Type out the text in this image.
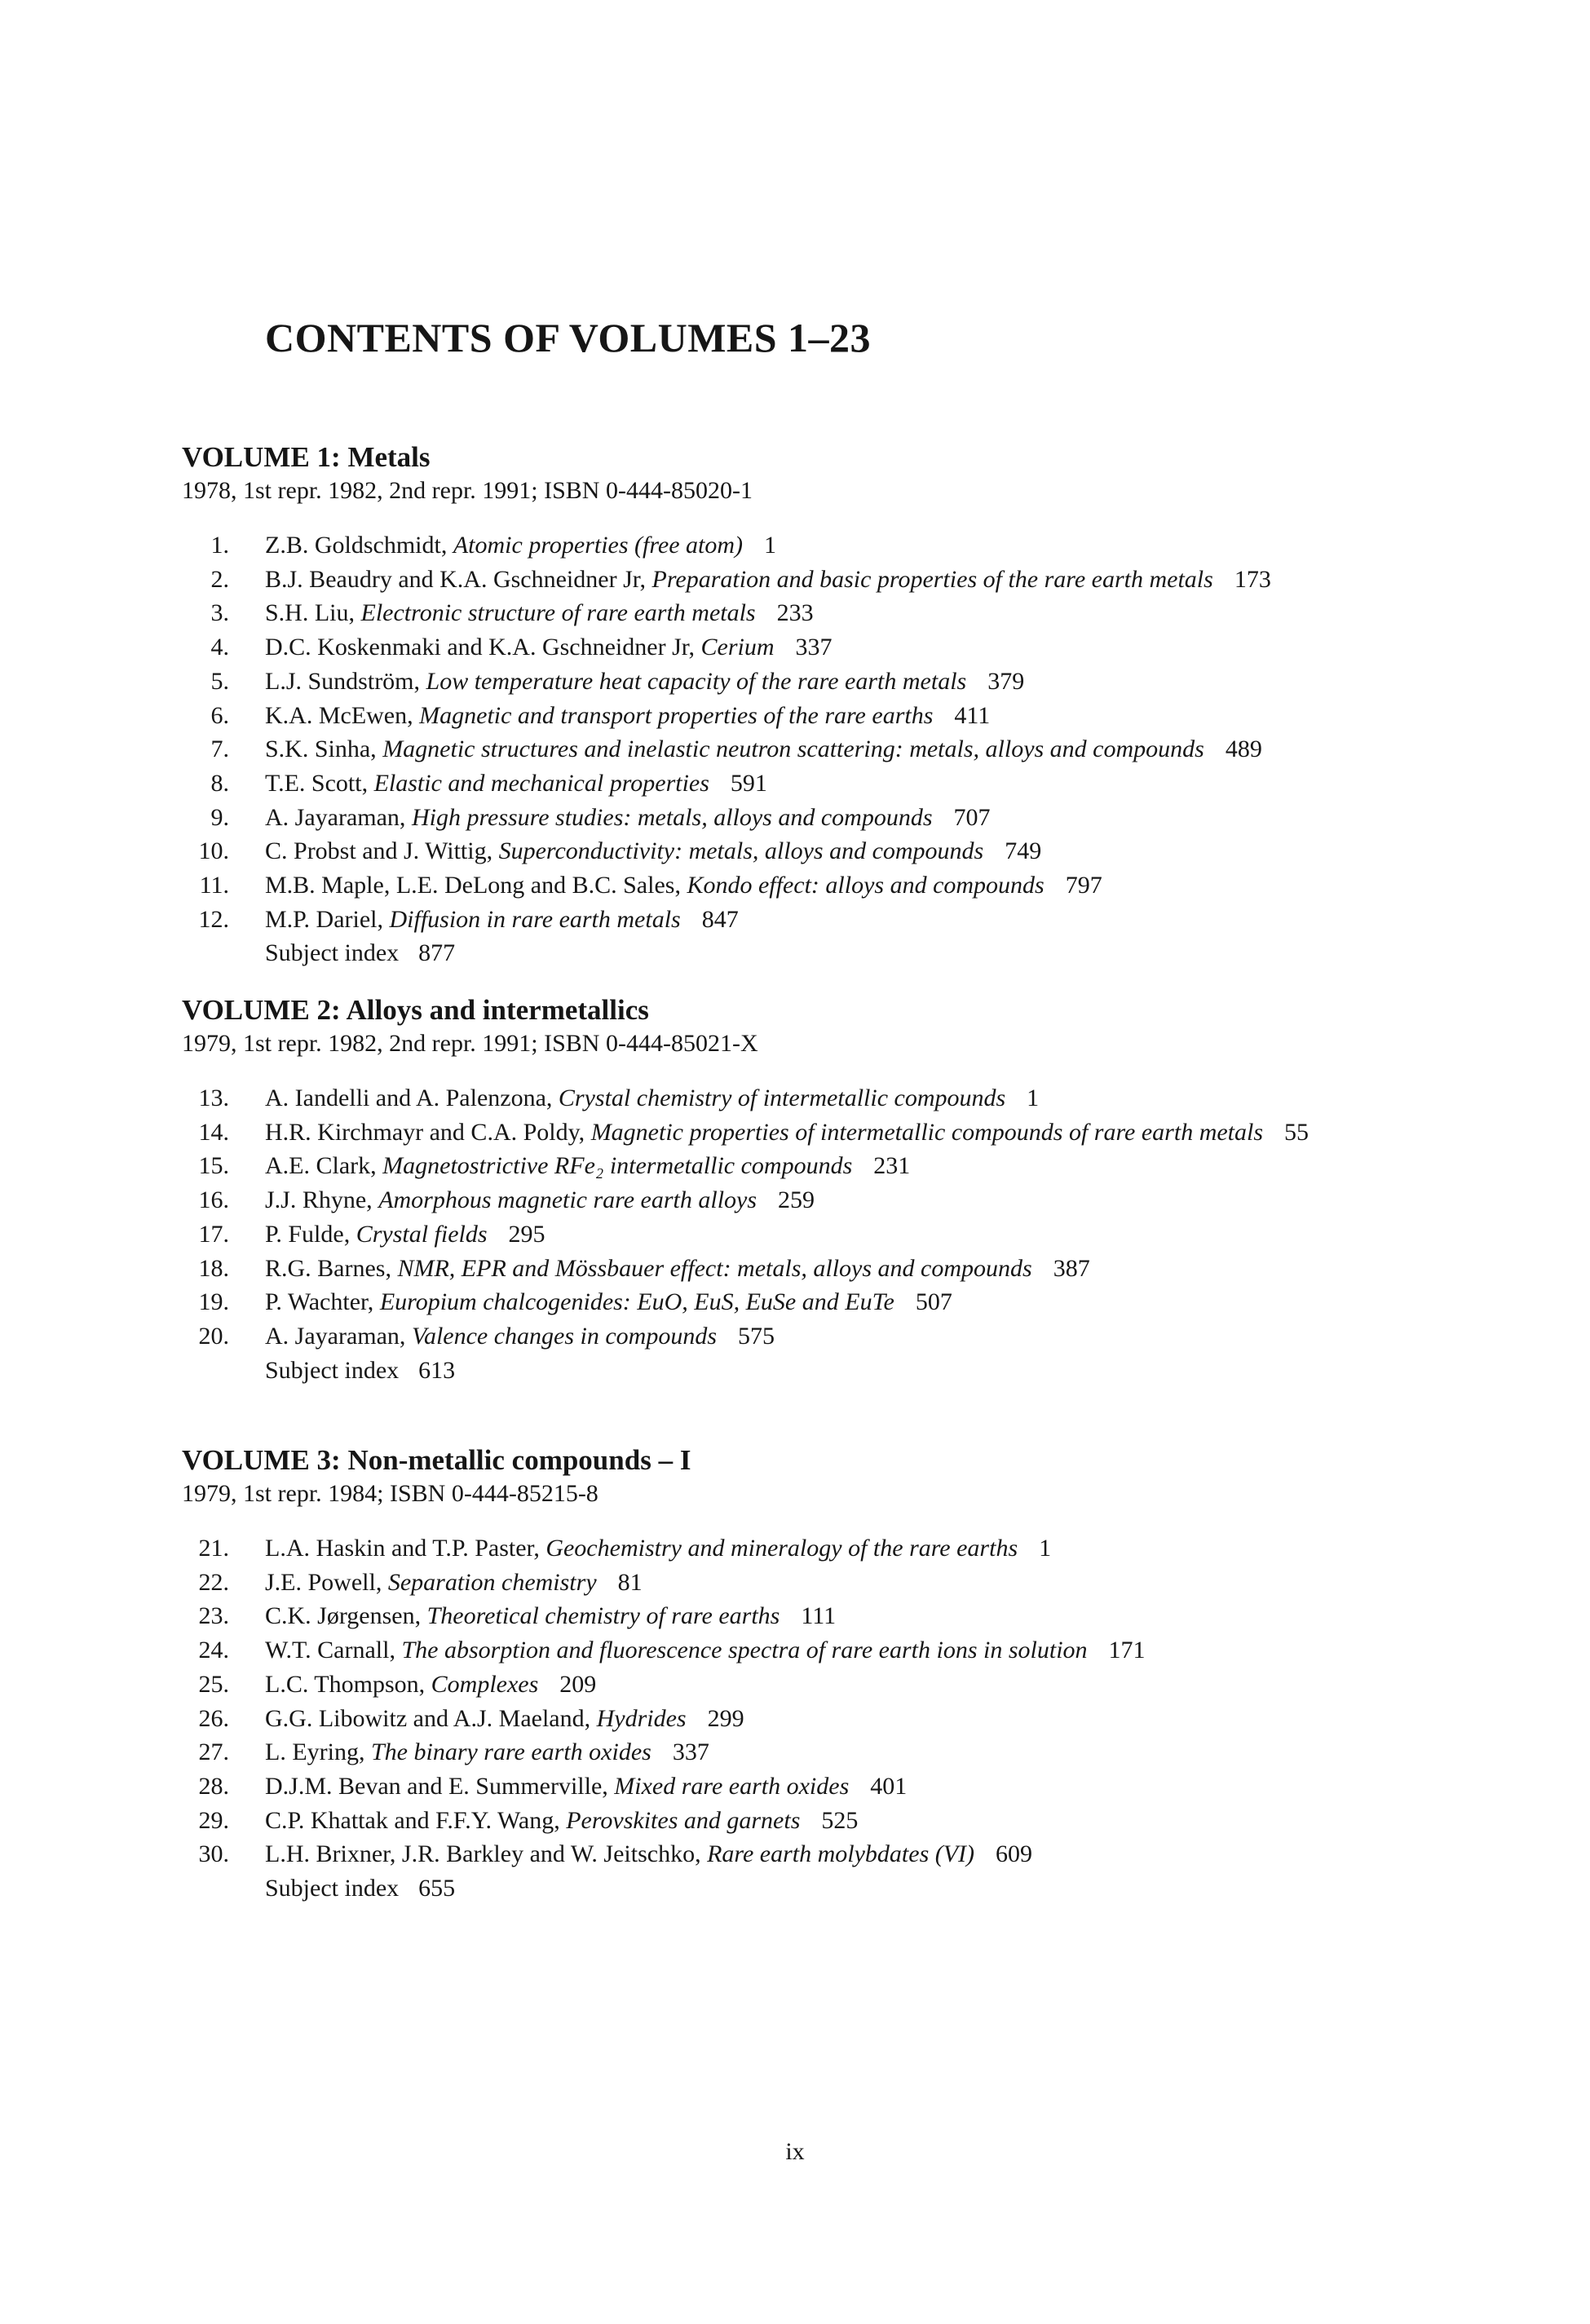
CONTENTS OF VOLUMES 1–23
VOLUME 1: Metals

1978, 1st repr. 1982, 2nd repr. 1991; ISBN 0-444-85020-1

1. Z.B. Goldschmidt, Atomic properties (free atom) 1
2. B.J. Beaudry and K.A. Gschneidner Jr, Preparation and basic properties of the rare earth metals 173
3. S.H. Liu, Electronic structure of rare earth metals 233
4. D.C. Koskenmaki and K.A. Gschneidner Jr, Cerium 337
5. L.J. Sundström, Low temperature heat capacity of the rare earth metals 379
6. K.A. McEwen, Magnetic and transport properties of the rare earths 411
7. S.K. Sinha, Magnetic structures and inelastic neutron scattering: metals, alloys and compounds 489
8. T.E. Scott, Elastic and mechanical properties 591
9. A. Jayaraman, High pressure studies: metals, alloys and compounds 707
10. C. Probst and J. Wittig, Superconductivity: metals, alloys and compounds 749
11. M.B. Maple, L.E. DeLong and B.C. Sales, Kondo effect: alloys and compounds 797
12. M.P. Dariel, Diffusion in rare earth metals 847
Subject index 877
VOLUME 2: Alloys and intermetallics

1979, 1st repr. 1982, 2nd repr. 1991; ISBN 0-444-85021-X

13. A. Iandelli and A. Palenzona, Crystal chemistry of intermetallic compounds 1
14. H.R. Kirchmayr and C.A. Poldy, Magnetic properties of intermetallic compounds of rare earth metals 55
15. A.E. Clark, Magnetostrictive RFe₂ intermetallic compounds 231
16. J.J. Rhyne, Amorphous magnetic rare earth alloys 259
17. P. Fulde, Crystal fields 295
18. R.G. Barnes, NMR, EPR and Mössbauer effect: metals, alloys and compounds 387
19. P. Wachter, Europium chalcogenides: EuO, EuS, EuSe and EuTe 507
20. A. Jayaraman, Valence changes in compounds 575
Subject index 613
VOLUME 3: Non-metallic compounds – I

1979, 1st repr. 1984; ISBN 0-444-85215-8

21. L.A. Haskin and T.P. Paster, Geochemistry and mineralogy of the rare earths 1
22. J.E. Powell, Separation chemistry 81
23. C.K. Jørgensen, Theoretical chemistry of rare earths 111
24. W.T. Carnall, The absorption and fluorescence spectra of rare earth ions in solution 171
25. L.C. Thompson, Complexes 209
26. G.G. Libowitz and A.J. Maeland, Hydrides 299
27. L. Eyring, The binary rare earth oxides 337
28. D.J.M. Bevan and E. Summerville, Mixed rare earth oxides 401
29. C.P. Khattak and F.F.Y. Wang, Perovskites and garnets 525
30. L.H. Brixner, J.R. Barkley and W. Jeitschko, Rare earth molybdates (VI) 609
Subject index 655
ix
